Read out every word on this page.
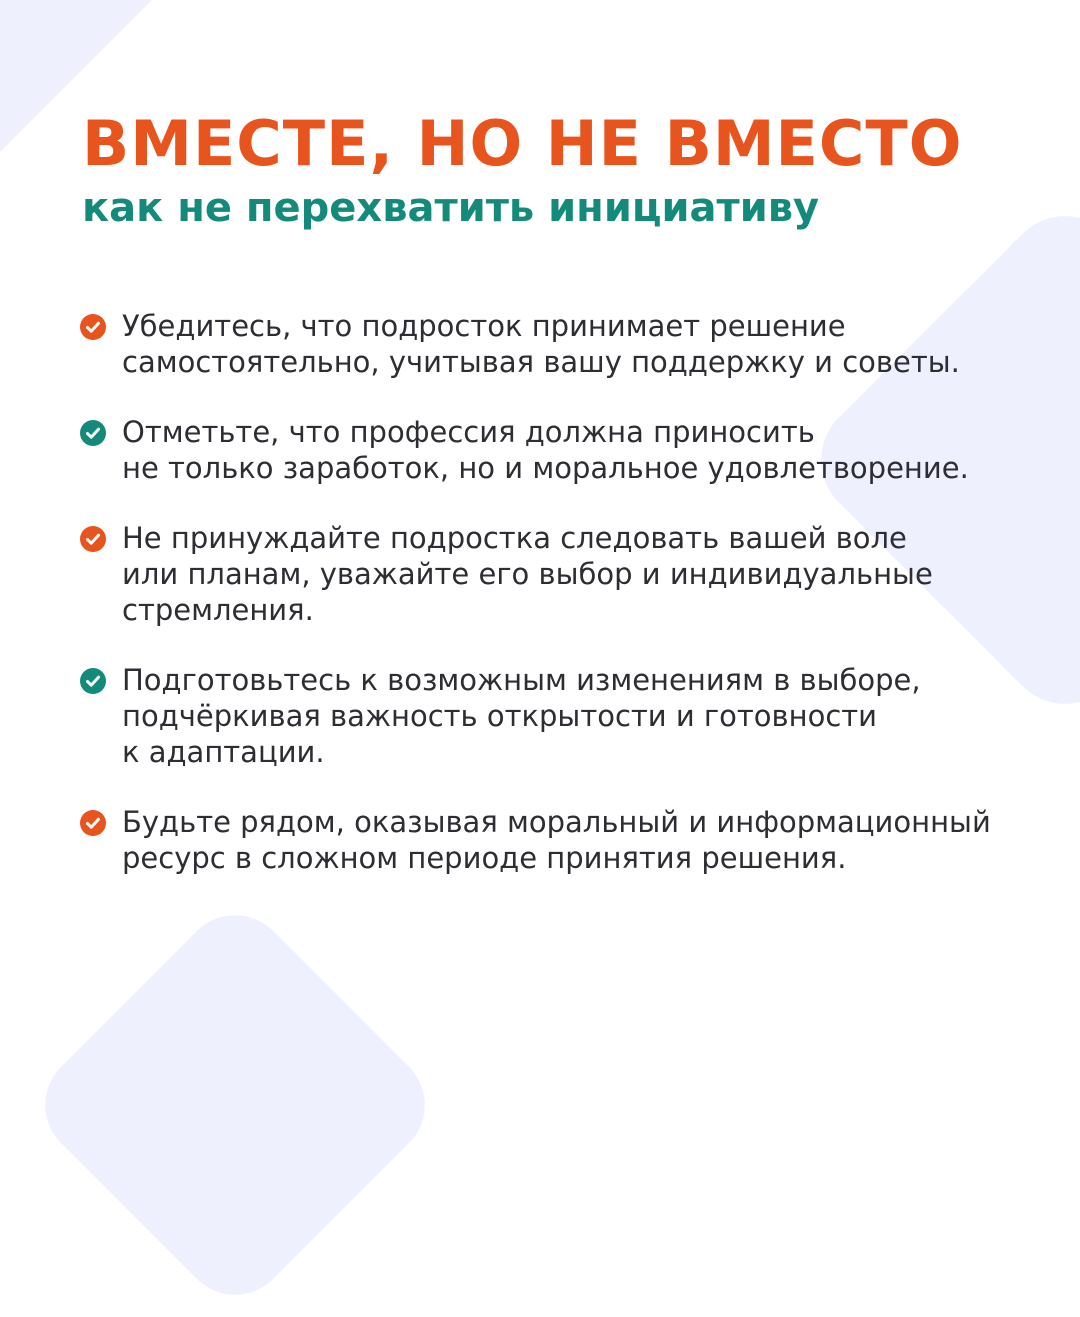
ВМЕСТЕ, НО НЕ ВМЕСТО
как не перехватить инициативу
Убедитесь, что подросток принимает решение
самостоятельно, учитывая вашу поддержку и советы.
Отметьте, что профессия должна приносить
не только заработок, но и моральное удовлетворение.
Не принуждайте подростка следовать вашей воле
или планам, уважайте его выбор и индивидуальные
стремления.
Подготовьтесь к возможным изменениям в выборе,
подчёркивая важность открытости и готовности
к адаптации.
Будьте рядом, оказывая моральный и информационный
ресурс в сложном периоде принятия решения.
